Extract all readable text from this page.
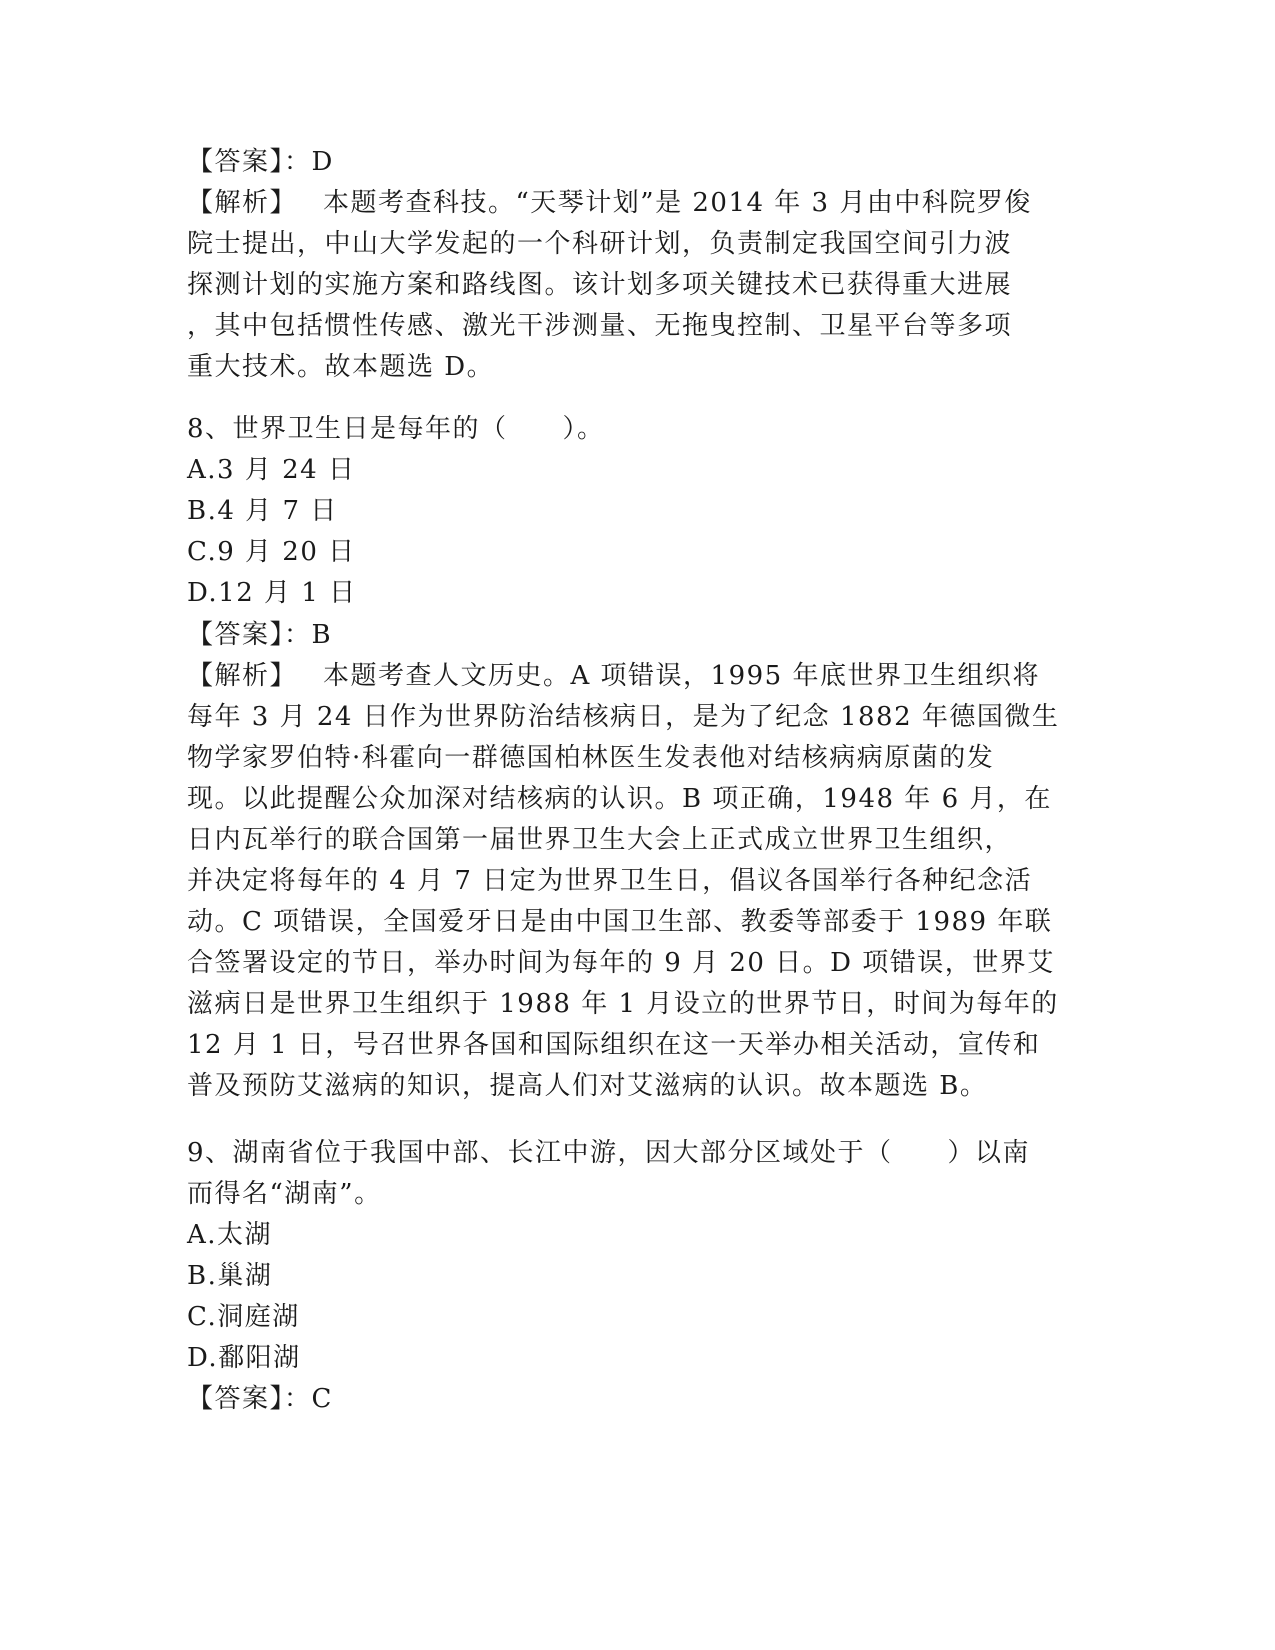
【答案】：D
【解析】 本题考查科技。“天琴计划”是 2014 年 3 月由中科院罗俊
院士提出，中山大学发起的一个科研计划，负责制定我国空间引力波
探测计划的实施方案和路线图。该计划多项关键技术已获得重大进展
，其中包括惯性传感、激光干涉测量、无拖曳控制、卫星平台等多项
重大技术。故本题选 D。
8、世界卫生日是每年的（　　）。
A.3 月 24 日
B.4 月 7 日
C.9 月 20 日
D.12 月 1 日
【答案】：B
【解析】 本题考查人文历史。A 项错误，1995 年底世界卫生组织将
每年 3 月 24 日作为世界防治结核病日，是为了纪念 1882 年德国微生
物学家罗伯特·科霍向一群德国柏林医生发表他对结核病病原菌的发
现。以此提醒公众加深对结核病的认识。B 项正确，1948 年 6 月，在
日内瓦举行的联合国第一届世界卫生大会上正式成立世界卫生组织，
并决定将每年的 4 月 7 日定为世界卫生日，倡议各国举行各种纪念活
动。C 项错误，全国爱牙日是由中国卫生部、教委等部委于 1989 年联
合签署设定的节日，举办时间为每年的 9 月 20 日。D 项错误，世界艾
滋病日是世界卫生组织于 1988 年 1 月设立的世界节日，时间为每年的
12 月 1 日，号召世界各国和国际组织在这一天举办相关活动，宣传和
普及预防艾滋病的知识，提高人们对艾滋病的认识。故本题选 B。
9、湖南省位于我国中部、长江中游，因大部分区域处于（　　）以南
而得名“湖南”。
A.太湖
B.巢湖
C.洞庭湖
D.鄱阳湖
【答案】：C
